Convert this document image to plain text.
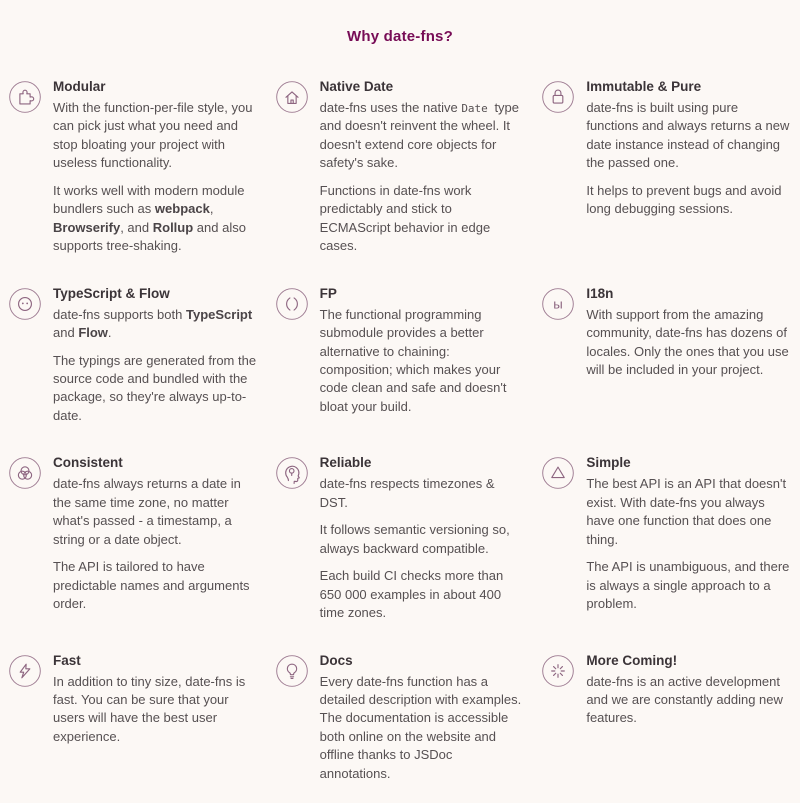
Why date-fns?
Modular

With the function-per-file style, you can pick just what you need and stop bloating your project with useless functionality.

It works well with modern module bundlers such as webpack, Browserify, and Rollup and also supports tree-shaking.

Native Date

date-fns uses the native Date type and doesn't reinvent the wheel. It doesn't extend core objects for safety's sake.

Functions in date-fns work predictably and stick to ECMAScript behavior in edge cases.

Immutable & Pure

date-fns is built using pure functions and always returns a new date instance instead of changing the passed one.

It helps to prevent bugs and avoid long debugging sessions.

TypeScript & Flow

date-fns supports both TypeScript and Flow.

The typings are generated from the source code and bundled with the package, so they're always up-to-date.

FP

The functional programming submodule provides a better alternative to chaining: composition; which makes your code clean and safe and doesn't bloat your build.

ы
I18n

With support from the amazing community, date-fns has dozens of locales. Only the ones that you use will be included in your project.

Consistent

date-fns always returns a date in the same time zone, no matter what's passed - a timestamp, a string or a date object.

The API is tailored to have predictable names and arguments order.

Reliable

date-fns respects timezones & DST.

It follows semantic versioning so, always backward compatible.

Each build CI checks more than 650 000 examples in about 400 time zones.

Simple

The best API is an API that doesn't exist. With date-fns you always have one function that does one thing.

The API is unambiguous, and there is always a single approach to a problem.

Fast

In addition to tiny size, date-fns is fast. You can be sure that your users will have the best user experience.

Docs

Every date-fns function has a detailed description with examples. The documentation is accessible both online on the website and offline thanks to JSDoc annotations.

More Coming!

date-fns is an active development and we are constantly adding new features.
